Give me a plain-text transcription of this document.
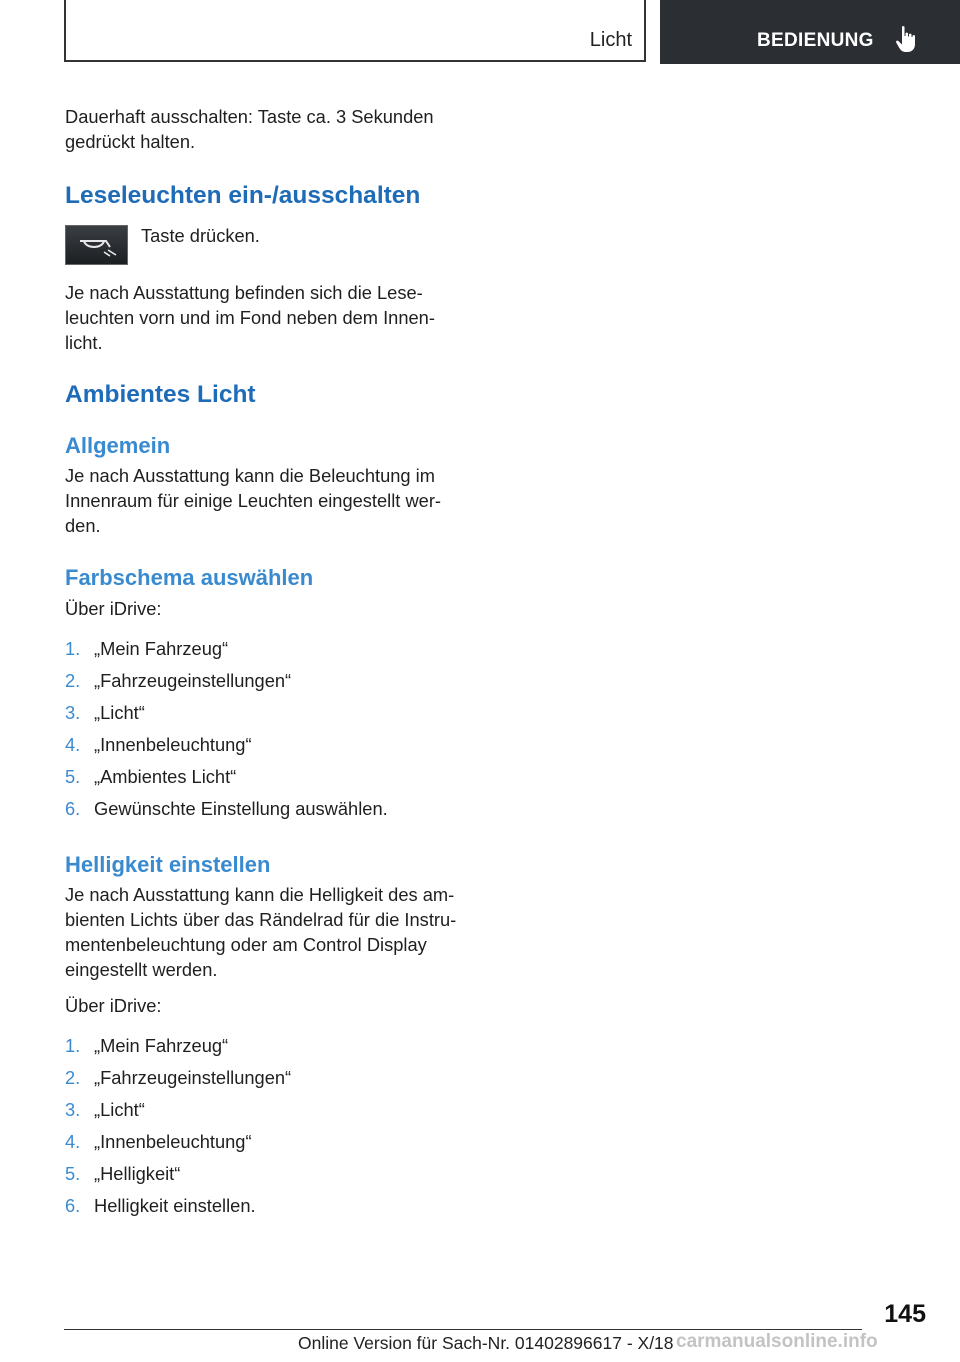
Licht	BEDIENUNG

Dauerhaft ausschalten: Taste ca. 3 Sekunden gedrückt halten.

Leseleuchten ein-/ausschalten

Taste drücken.

Je nach Ausstattung befinden sich die Leseleuchten vorn und im Fond neben dem Innenlicht.

Ambientes Licht
Allgemein

Je nach Ausstattung kann die Beleuchtung im Innenraum für einige Leuchten eingestellt werden.

Farbschema auswählen

Über iDrive:

1. „Mein Fahrzeug“
2. „Fahrzeugeinstellungen“
3. „Licht“
4. „Innenbeleuchtung“
5. „Ambientes Licht“
6. Gewünschte Einstellung auswählen.
Helligkeit einstellen

Je nach Ausstattung kann die Helligkeit des ambienten Lichts über das Rändelrad für die Instrumentenbeleuchtung oder am Control Display eingestellt werden.

Über iDrive:

1. „Mein Fahrzeug“
2. „Fahrzeugeinstellungen“
3. „Licht“
4. „Innenbeleuchtung“
5. „Helligkeit“
6. Helligkeit einstellen.
145
Online Version für Sach-Nr. 01402896617 - X/18 carmanualsonline.info
